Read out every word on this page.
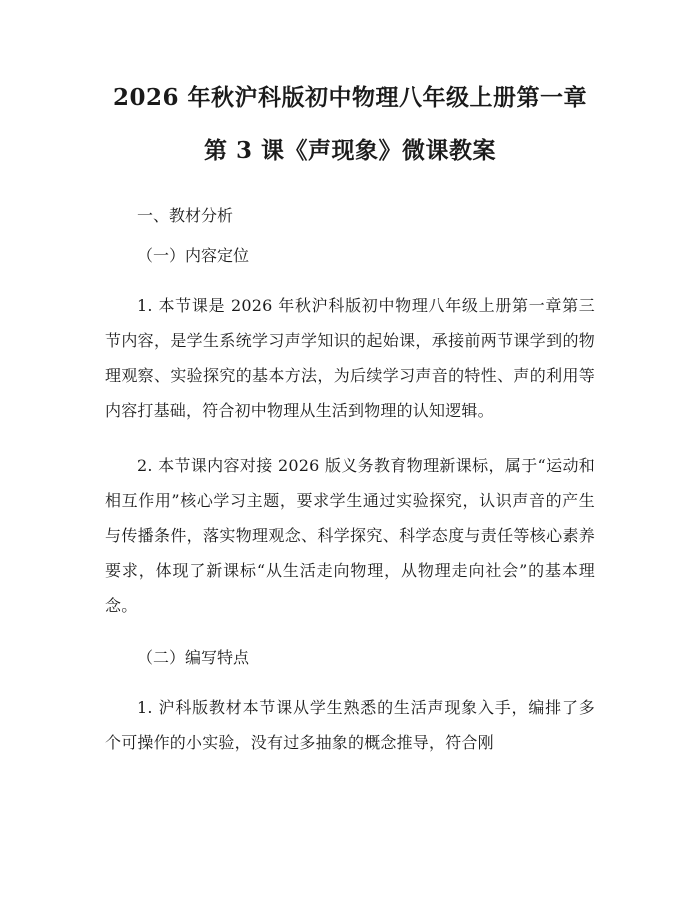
2026 年秋沪科版初中物理八年级上册第一章
第 3 课《声现象》微课教案

一、教材分析

（一）内容定位

1. 本节课是 2026 年秋沪科版初中物理八年级上册第一章第三节内容，是学生系统学习声学知识的起始课，承接前两节课学到的物理观察、实验探究的基本方法，为后续学习声音的特性、声的利用等内容打基础，符合初中物理从生活到物理的认知逻辑。

2. 本节课内容对接 2026 版义务教育物理新课标，属于“运动和相互作用”核心学习主题，要求学生通过实验探究，认识声音的产生与传播条件，落实物理观念、科学探究、科学态度与责任等核心素养要求，体现了新课标“从生活走向物理，从物理走向社会”的基本理念。

（二）编写特点

1. 沪科版教材本节课从学生熟悉的生活声现象入手，编排了多个可操作的小实验，没有过多抽象的概念推导，符合刚
